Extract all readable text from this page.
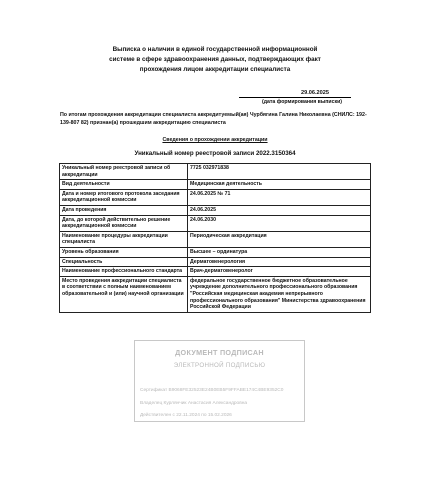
Выписка о наличии в единой государственной информационной
системе в сфере здравоохранения данных, подтверждающих факт
прохождения лицом аккредитации специалиста
29.06.2025
(дата формирования выписки)
По итогам прохождения аккредитации специалиста аккредитуемый(ая) Чурбягина Галина Николаевна (СНИЛС: 192-139-807 82) признан(а) прошедшим аккредитацию специалиста
Сведения о прохождении аккредитации
Уникальный номер реестровой записи 2022.3150364
Уникальный номер реестровой записи об аккредитации	7725 032971838
Вид деятельности	Медицинская деятельность
Дата и номер итогового протокола заседания аккредитационной комиссии	24.06.2025 № 71
Дата проведения	24.06.2025
Дата, до которой действительно решение аккредитационной комиссии	24.06.2030
Наименование процедуры аккредитации специалиста	Периодическая аккредитация
Уровень образования	Высшее – ординатура
Специальность	Дерматовенерология
Наименование профессионального стандарта	Врач-дерматовенеролог
Место проведения аккредитации специалиста в соответствии с полным наименованием образовательной и (или) научной организации	федеральное государственное бюджетное образовательное учреждение дополнительного профессионального образования "Российская медицинская академия непрерывного профессионального образования" Министерства здравоохранения Российской Федерации
ДОКУМЕНТ ПОДПИСАН
ЭЛЕКТРОННОЙ ПОДПИСЬЮ
Сертификат B9068FE32523E24B0EB5F9FFABE174C4BE9352C0
Владелец Курлянчик Анастасия Александровна
Действителен с 22.11.2024 по 15.02.2026
